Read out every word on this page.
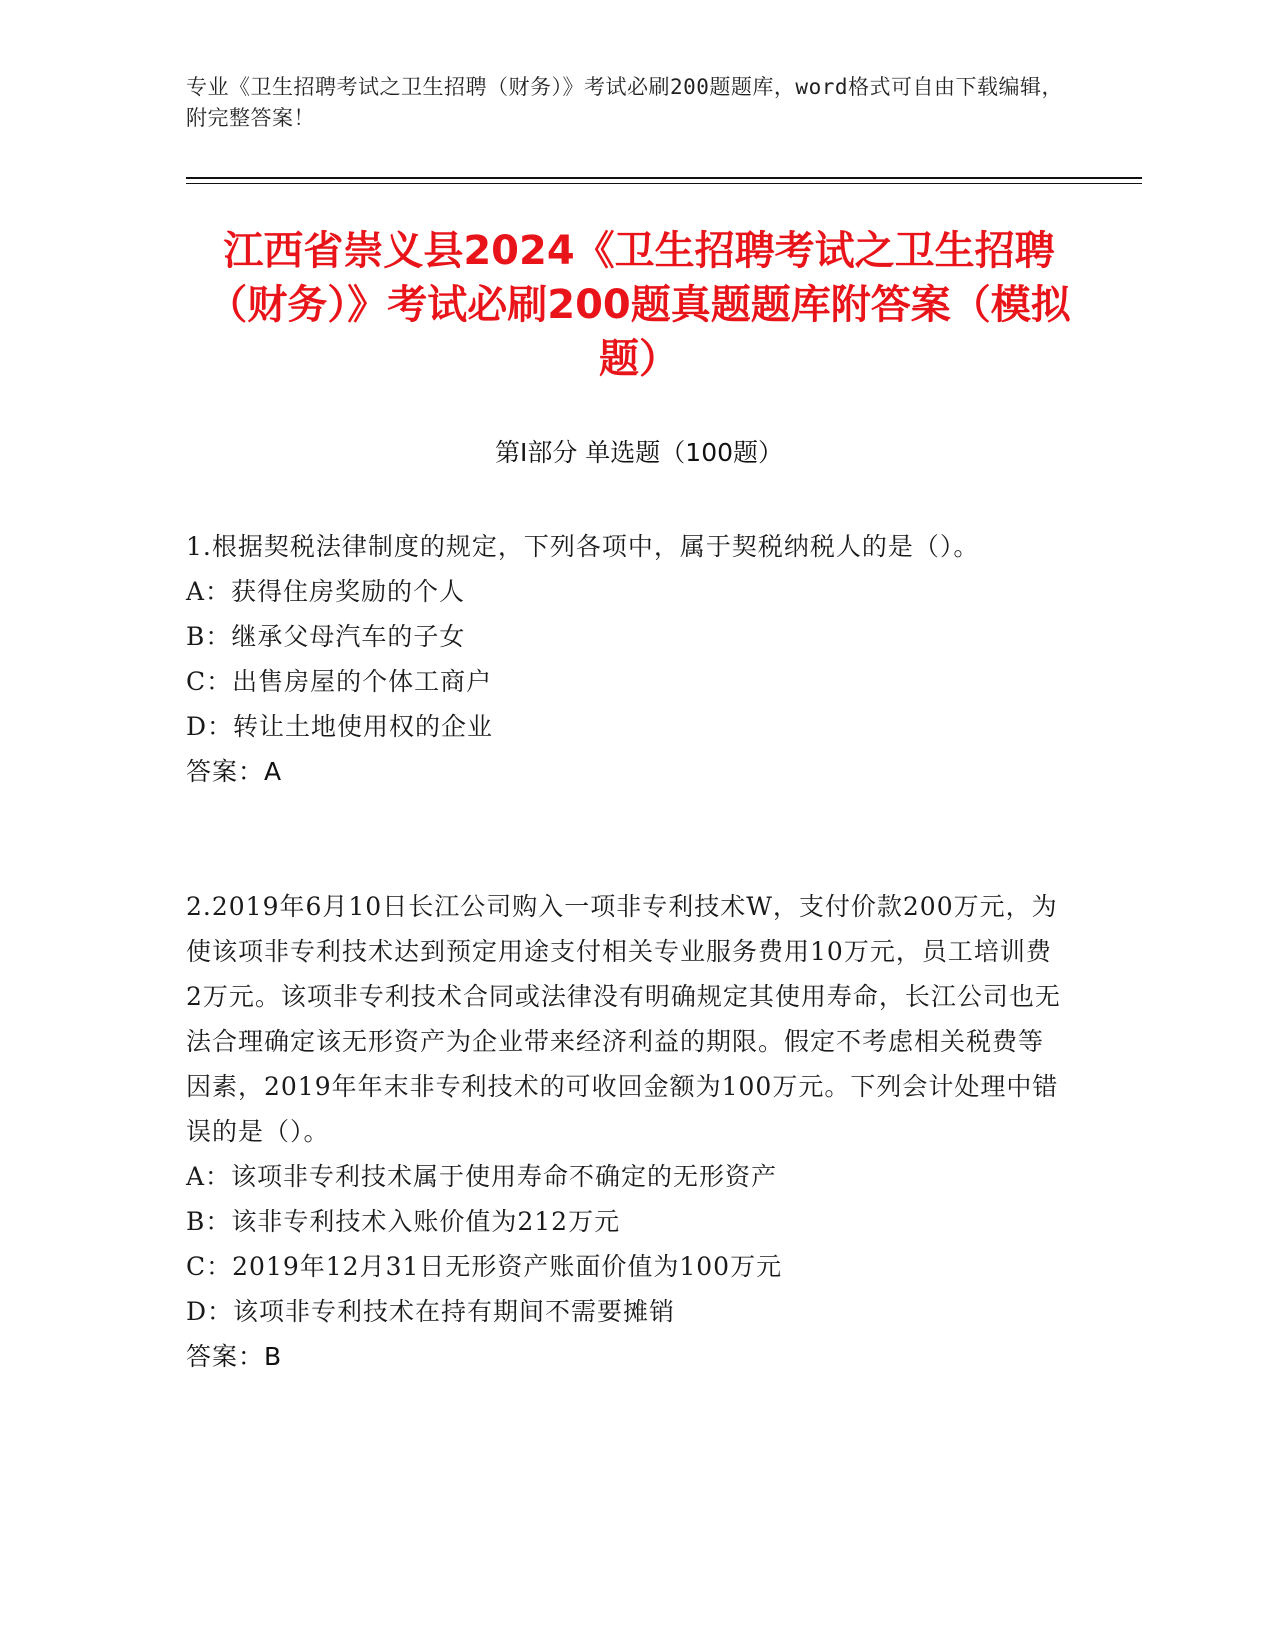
专业《卫生招聘考试之卫生招聘（财务）》考试必刷200题题库，word格式可自由下载编辑，附完整答案！
江西省崇义县2024《卫生招聘考试之卫生招聘（财务）》考试必刷200题真题题库附答案（模拟题）
第Ⅰ部分 单选题（100题）

1.根据契税法律制度的规定，下列各项中，属于契税纳税人的是（）。

A：获得住房奖励的个人

B：继承父母汽车的子女

C：出售房屋的个体工商户

D：转让土地使用权的企业

答案：A

2.2019年6月10日长江公司购入一项非专利技术W，支付价款200万元，为使该项非专利技术达到预定用途支付相关专业服务费用10万元，员工培训费2万元。该项非专利技术合同或法律没有明确规定其使用寿命，长江公司也无法合理确定该无形资产为企业带来经济利益的期限。假定不考虑相关税费等因素，2019年年末非专利技术的可收回金额为100万元。下列会计处理中错误的是（）。

A：该项非专利技术属于使用寿命不确定的无形资产

B：该非专利技术入账价值为212万元

C：2019年12月31日无形资产账面价值为100万元

D：该项非专利技术在持有期间不需要摊销

答案：B
